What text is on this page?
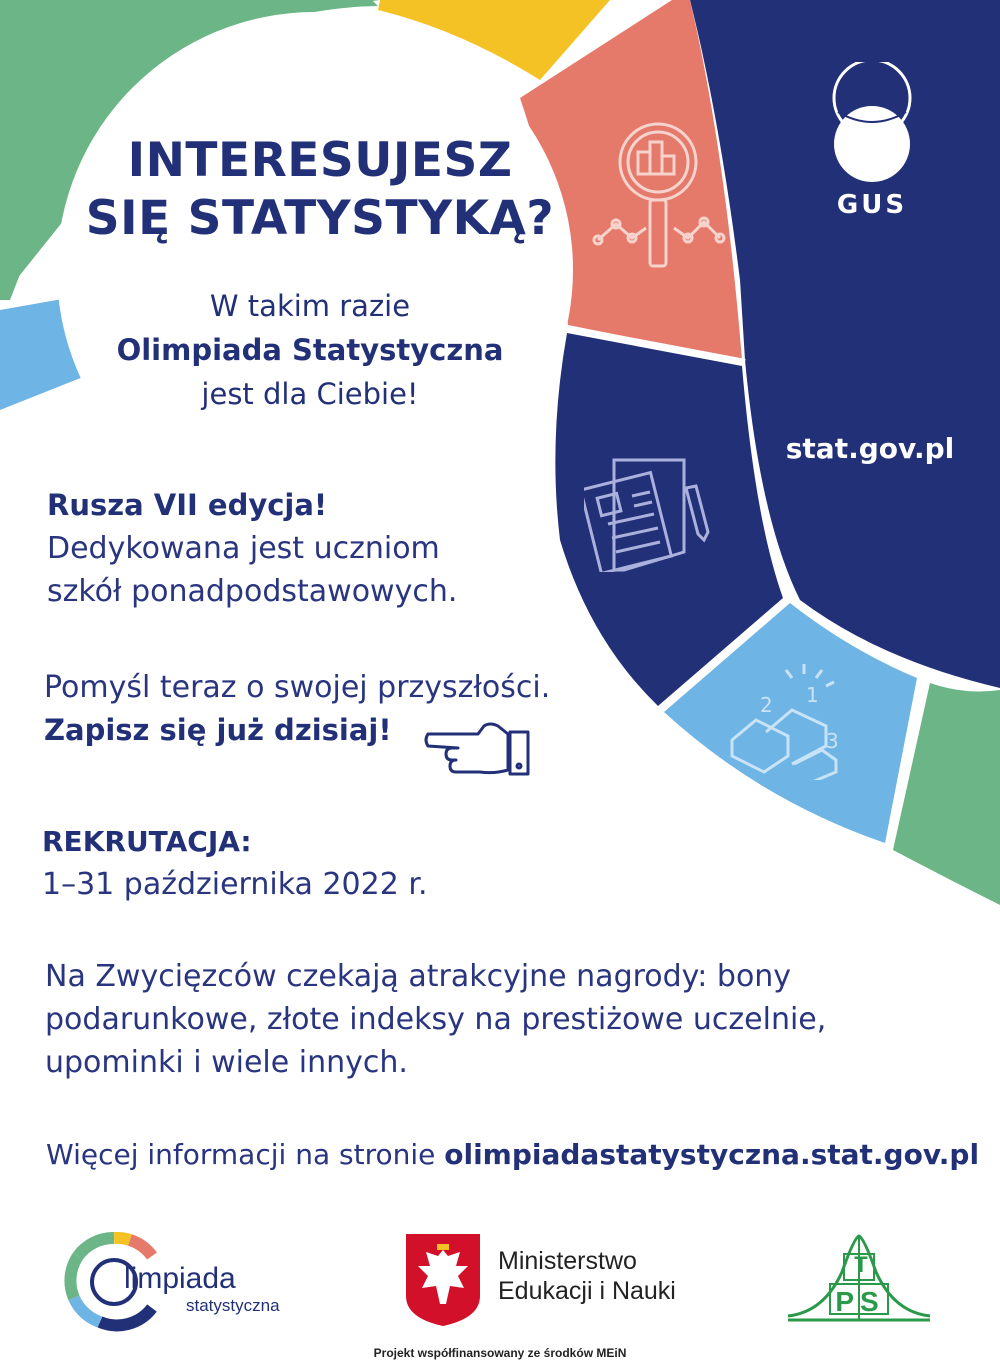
2 1
3
GUS
stat.gov.pl
INTERESUJESZ
SIĘ STATYSTYKĄ?
W takim razie
Olimpiada Statystyczna
jest dla Ciebie!
Rusza VII edycja!
Dedykowana jest uczniom
szkół ponadpodstawowych.
Pomyśl teraz o swojej przyszłości.
Zapisz się już dzisiaj!
REKRUTACJA:
1–31 października 2022 r.
Na Zwycięzców czekają atrakcyjne nagrody: bony
podarunkowe, złote indeksy na prestiżowe uczelnie,
upominki i wiele innych.
Więcej informacji na stronie olimpiadastatystyczna.stat.gov.pl
limpiada
statystyczna
Ministerstwo
Edukacji i Nauki
T
PS
Projekt współfinansowany ze środków MEiN
